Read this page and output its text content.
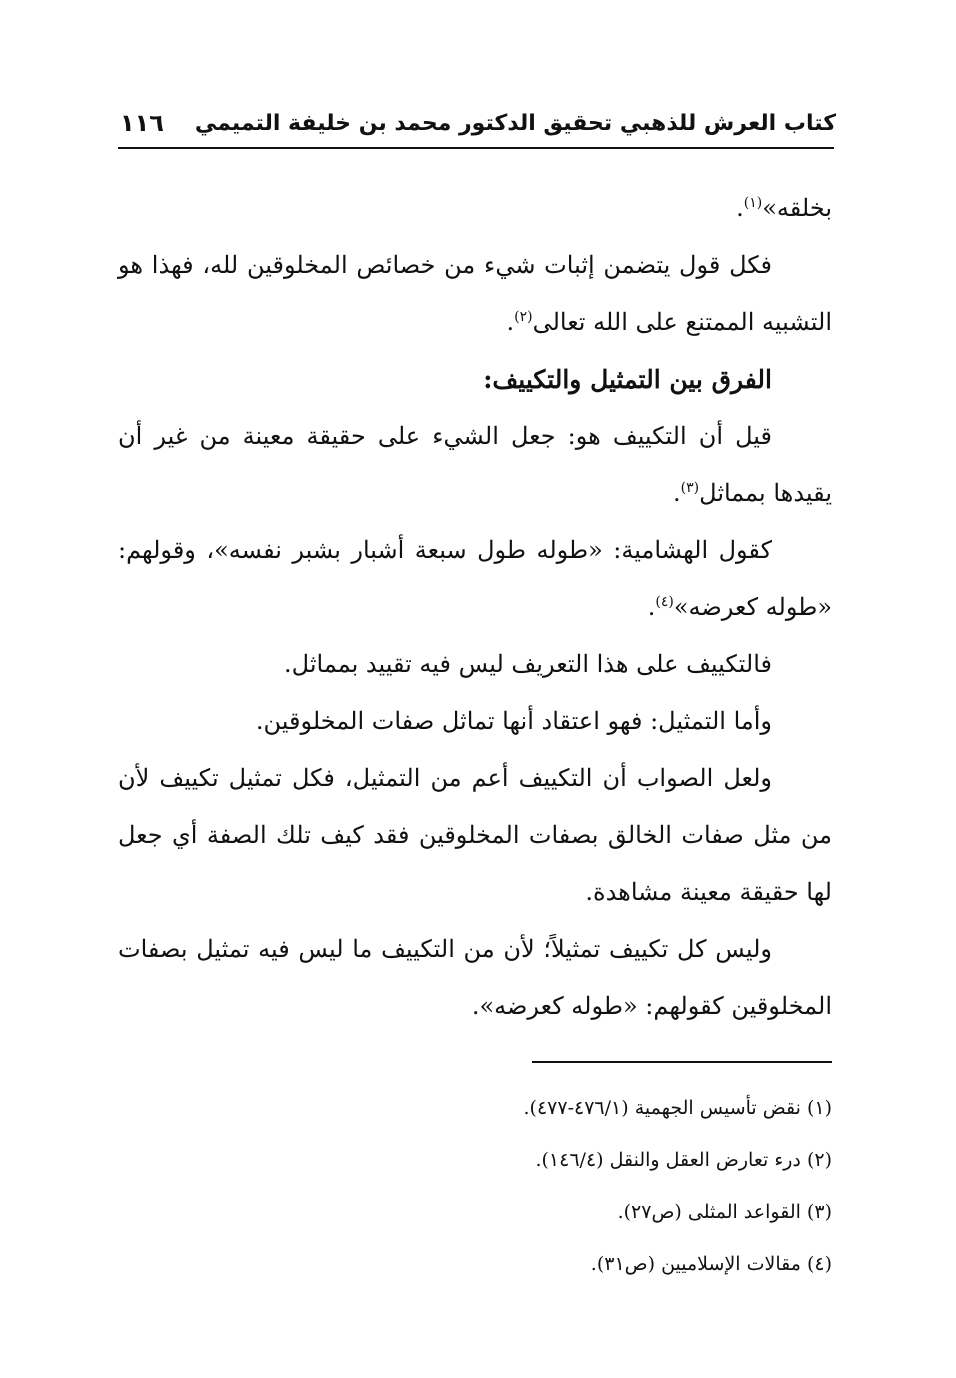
كتاب العرش للذهبي تحقيق الدكتور محمد بن خليفة التميمي
١١٦

بخلقه»$^{(١)}$.

فكل قول يتضمن إثبات شيء من خصائص المخلوقين لله، فهذا هو التشبيه الممتنع على الله تعالى$^{(٢)}$.

الفرق بين التمثيل والتكييف:

قيل أن التكييف هو: جعل الشيء على حقيقة معينة من غير أن يقيدها بمماثل$^{(٣)}$.

كقول الهشامية: «طوله طول سبعة أشبار بشبر نفسه»، وقولهم: «طوله كعرضه»$^{(٤)}$.

فالتكييف على هذا التعريف ليس فيه تقييد بمماثل.

وأما التمثيل: فهو اعتقاد أنها تماثل صفات المخلوقين.

ولعل الصواب أن التكييف أعم من التمثيل، فكل تمثيل تكييف لأن من مثل صفات الخالق بصفات المخلوقين فقد كيف تلك الصفة أي جعل لها حقيقة معينة مشاهدة.

وليس كل تكييف تمثيلاً؛ لأن من التكييف ما ليس فيه تمثيل بصفات المخلوقين كقولهم: «طوله كعرضه».

(١) نقض تأسيس الجهمية (٤٧٦/١-٤٧٧).

(٢) درء تعارض العقل والنقل (١٤٦/٤).

(٣) القواعد المثلى (ص٢٧).

(٤) مقالات الإسلاميين (ص٣١).
